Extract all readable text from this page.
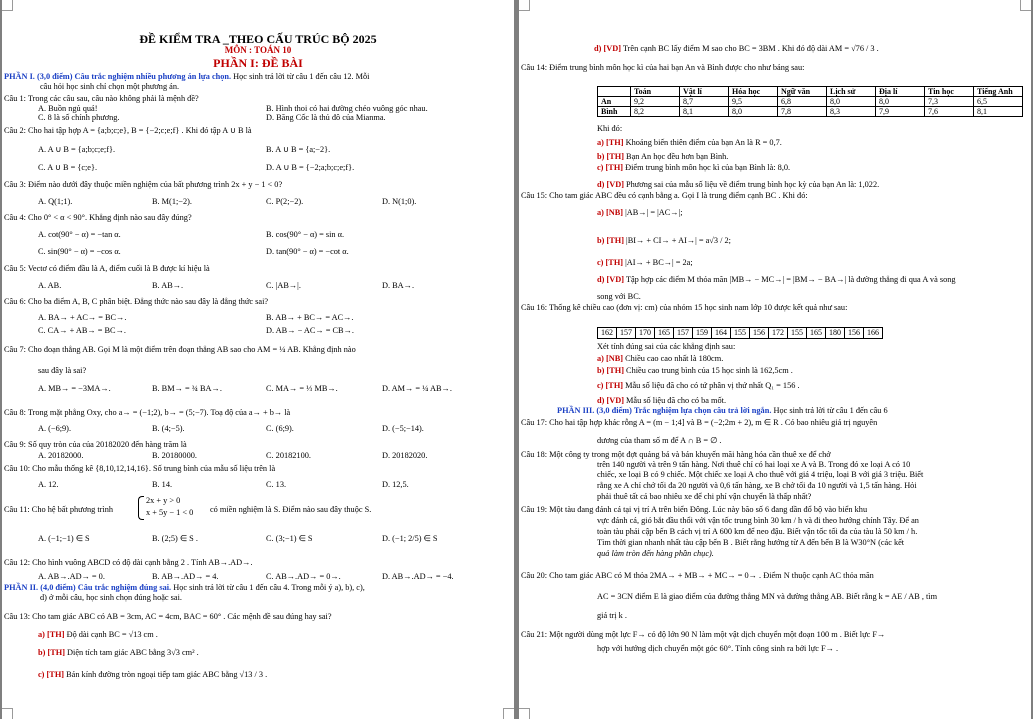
ĐỀ KIỂM TRA _THEO CẤU TRÚC BỘ 2025
MÔN : TOÁN 10
PHẦN I: ĐỀ BÀI
PHẦN I. (3,0 điểm) Câu trắc nghiệm nhiều phương án lựa chọn. Học sinh trả lời từ câu 1 đến câu 12. Mỗi
câu hỏi học sinh chỉ chọn một phương án.
Câu 1: Trong các câu sau, câu nào không phải là mệnh đề?
A. Buồn ngủ quá!	B. Hình thoi có hai đường chéo vuông góc nhau.
C. 8 là số chính phương.	D. Băng Cốc là thủ đô của Mianma.
Câu 2: Cho hai tập hợp A = {a;b;c;e}, B = {−2;c;e;f} . Khi đó tập A ∪ B là
A. A ∪ B = {a;b;c;e;f}.	B. A ∪ B = {a;−2}.
C. A ∪ B = {c;e}.	D. A ∪ B = {−2;a;b;c;e;f}.
Câu 3: Điểm nào dưới đây thuộc miền nghiệm của bất phương trình 2x + y − 1 < 0?
A. Q(1;1).	B. M(1;−2).	C. P(2;−2).	D. N(1;0).
Câu 4: Cho 0° < α < 90°. Khẳng định nào sau đây đúng?
A. cot(90° − α) = −tan α.	B. cos(90° − α) = sin α.
C. sin(90° − α) = −cos α.	D. tan(90° − α) = −cot α.
Câu 5: Vectơ có điểm đầu là A, điểm cuối là B được kí hiệu là
A. AB.	B. AB→.	C. |AB→|.	D. BA→.
Câu 6: Cho ba điểm A, B, C phân biệt. Đẳng thức nào sau đây là đẳng thức sai?
A. BA→ + AC→ = BC→.	B. AB→ + BC→ = AC→.
C. CA→ + AB→ = BC→.	D. AB→ − AC→ = CB→.
Câu 7: Cho đoạn thẳng AB. Gọi M là một điểm trên đoạn thẳng AB sao cho AM = ¼ AB. Khẳng định nào
sau đây là sai?
A. MB→ = −3MA→.	B. BM→ = ¾ BA→.	C. MA→ = ⅓ MB→.	D. AM→ = ¼ AB→.
Câu 8: Trong mặt phẳng Oxy, cho a→ = (−1;2), b→ = (5;−7). Toạ độ của a→ + b→ là
A. (−6;9).	B. (4;−5).	C. (6;9).	D. (−5;−14).
Câu 9: Số quy tròn của của 20182020 đến hàng trăm là
A. 20182000.	B. 20180000.	C. 20182100.	D. 20182020.
Câu 10: Cho mẫu thống kê {8,10,12,14,16}. Số trung bình của mẫu số liệu trên là
A. 12.	B. 14.	C. 13.	D. 12,5.
Câu 11: Cho hệ bất phương trình
2x + y > 0
x + 5y − 1 < 0 có miền nghiệm là S. Điểm nào sau đây thuộc S.
A. (−1;−1) ∈ S	B. (2;5) ∈ S .	C. (3;−1) ∈ S	D. (−1; 2/5) ∈ S
Câu 12: Cho hình vuông ABCD có độ dài cạnh bằng 2 . Tính AB→.AD→.
A. AB→.AD→ = 0.	B. AB→.AD→ = 4.	C. AB→.AD→ = 0→.	D. AB→.AD→ = −4.
PHẦN II. (4,0 điểm) Câu trắc nghiệm đúng sai. Học sinh trả lời từ câu 1 đến câu 4. Trong mỗi ý a), b), c),
d) ở mỗi câu, học sinh chọn đúng hoặc sai.
Câu 13: Cho tam giác ABC có AB = 3cm, AC = 4cm, BAC = 60° . Các mệnh đề sau đúng hay sai?
a) [TH] Độ dài cạnh BC = √13 cm .
b) [TH] Diện tích tam giác ABC bằng 3√3 cm² .
c) [TH] Bán kính đường tròn ngoại tiếp tam giác ABC bằng √13 / 3 .
d) [VD] Trên cạnh BC lấy điểm M sao cho BC = 3BM . Khi đó độ dài AM = √76 / 3 .
Câu 14: Điểm trung bình môn học kì của hai bạn An và Bình được cho như bảng sau:
	Toán	Vật lí	Hóa học	Ngữ văn	Lịch sử	Địa lí	Tin học	Tiếng Anh
An	9,2	8,7	9,5	6,8	8,0	8,0	7,3	6,5
Bình	8,2	8,1	8,0	7,8	8,3	7,9	7,6	8,1
Khi đó:
a) [TH] Khoảng biến thiên điểm của bạn An là R = 0,7.
b) [TH] Bạn An học đều hơn bạn Bình.
c) [TH] Điểm trung bình môn học kì của bạn Bình là: 8,0.
d) [VD] Phương sai của mẫu số liệu về điểm trung bình học kỳ của bạn An là: 1,022.
Câu 15: Cho tam giác ABC đều có cạnh bằng a. Gọi I là trung điểm cạnh BC . Khi đó:
a) [NB] |AB→| = |AC→|;
b) [TH] |BI→ + CI→ + AI→| = a√3 / 2;
c) [TH] |AI→ + BC→| = 2a;
d) [VD] Tập hợp các điểm M thỏa mãn |MB→ − MC→| = |BM→ − BA→| là đường thẳng đi qua A và song
song với BC.
Câu 16: Thống kê chiều cao (đơn vị: cm) của nhóm 15 học sinh nam lớp 10 được kết quả như sau:
162	157	170	165	157	159	164	155	156	172	155	165	180	156	166
Xét tính đúng sai của các khẳng định sau:
a) [NB] Chiều cao cao nhất là 180cm.
b) [TH] Chiều cao trung bình của 15 học sinh là 162,5cm .
c) [TH] Mẫu số liệu đã cho có tứ phân vị thứ nhất Q₁ = 156 .
d) [VD] Mẫu số liệu đã cho có ba mốt.
PHẦN III. (3,0 điểm) Trắc nghiệm lựa chọn câu trả lời ngắn. Học sinh trả lời từ câu 1 đến câu 6
Câu 17: Cho hai tập hợp khác rỗng A = (m − 1;4] và B = (−2;2m + 2), m ∈ R . Có bao nhiêu giá trị nguyên
dương của tham số m để A ∩ B = ∅ .
Câu 18: Một công ty trong một đợt quảng bá và bán khuyến mãi hàng hóa cần thuê xe để chở
trên 140 người và trên 9 tấn hàng. Nơi thuê chỉ có hai loại xe A và B. Trong đó xe loại A có 10
chiếc, xe loại B có 9 chiếc. Một chiếc xe loại A cho thuê với giá 4 triệu, loại B với giá 3 triệu. Biết
rằng xe A chỉ chở tối đa 20 người và 0,6 tấn hàng, xe B chở tối đa 10 người và 1,5 tấn hàng. Hỏi
phải thuê tất cả bao nhiêu xe để chi phí vận chuyển là thấp nhất?
Câu 19: Một tàu đang đánh cá tại vị trí A trên biển Đông. Lúc này bão số 6 đang dần đổ bộ vào biển khu
vực đánh cá, gió bắt đầu thổi với vận tốc trung bình 30 km / h và đi theo hướng chính Tây. Để an
toàn tàu phải cập bến B cách vị trí A 600 km để neo đậu. Biết vận tốc tối đa của tàu là 50 km / h.
Tìm thời gian nhanh nhất tàu cập bến B . Biết rằng hướng từ A đến bến B là W30°N (các kết
quả làm tròn đến hàng phần chục).
Câu 20: Cho tam giác ABC có M thỏa 2MA→ + MB→ + MC→ = 0→ . Điểm N thuộc cạnh AC thỏa mãn
AC = 3CN điểm E là giao điểm của đường thẳng MN và đường thẳng AB. Biết rằng k = AE / AB , tìm
giá trị k .
Câu 21: Một người dùng một lực F→ có độ lớn 90 N làm một vật dịch chuyển một đoạn 100 m . Biết lực F→
hợp với hướng dịch chuyển một góc 60°. Tính công sinh ra bởi lực F→ .
